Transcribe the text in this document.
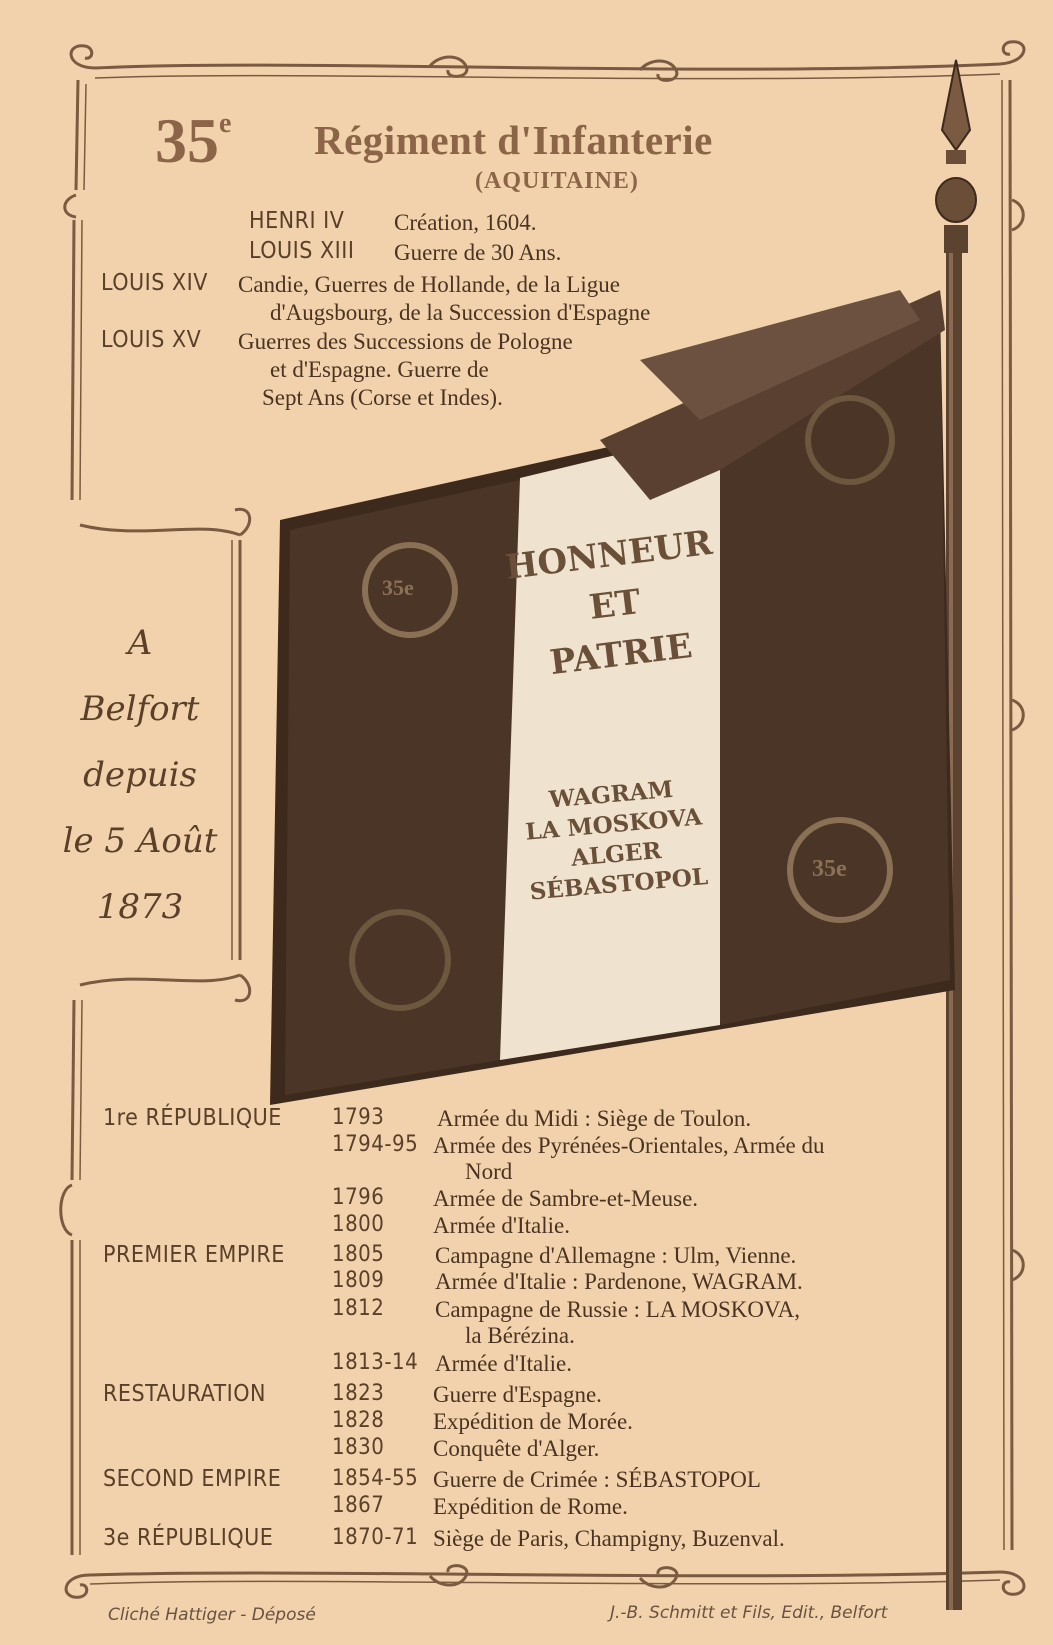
HONNEUR
ET
PATRIE
WAGRAM
LA MOSKOVA
ALGER
SÉBASTOPOL
35e
35e
35e Régiment d'Infanterie
(AQUITAINE)
HENRI IV Création, 1604.
LOUIS XIII Guerre de 30 Ans.
LOUIS XIV Candie, Guerres de Hollande, de la Ligue
d'Augsbourg, de la Succession d'Espagne
LOUIS XV Guerres des Successions de Pologne
et d'Espagne. Guerre de
Sept Ans (Corse et Indes).
A
Belfort
depuis
le 5 Août
1873
1re RÉPUBLIQUE 1793 Armée du Midi : Siège de Toulon.
1794-95 Armée des Pyrénées-Orientales, Armée du
Nord
1796 Armée de Sambre-et-Meuse.
1800 Armée d'Italie.
PREMIER EMPIRE 1805 Campagne d'Allemagne : Ulm, Vienne.
1809 Armée d'Italie : Pardenone, WAGRAM.
1812 Campagne de Russie : LA MOSKOVA,
la Bérézina.
1813-14 Armée d'Italie.
RESTAURATION	1823 Guerre d'Espagne.
1828 Expédition de Morée.
1830 Conquête d'Alger.
SECOND EMPIRE 1854-55 Guerre de Crimée : SÉBASTOPOL
1867 Expédition de Rome.
3e RÉPUBLIQUE	1870-71 Siège de Paris, Champigny, Buzenval.
Cliché Hattiger - Déposé	J.-B. Schmitt et Fils, Edit., Belfort
